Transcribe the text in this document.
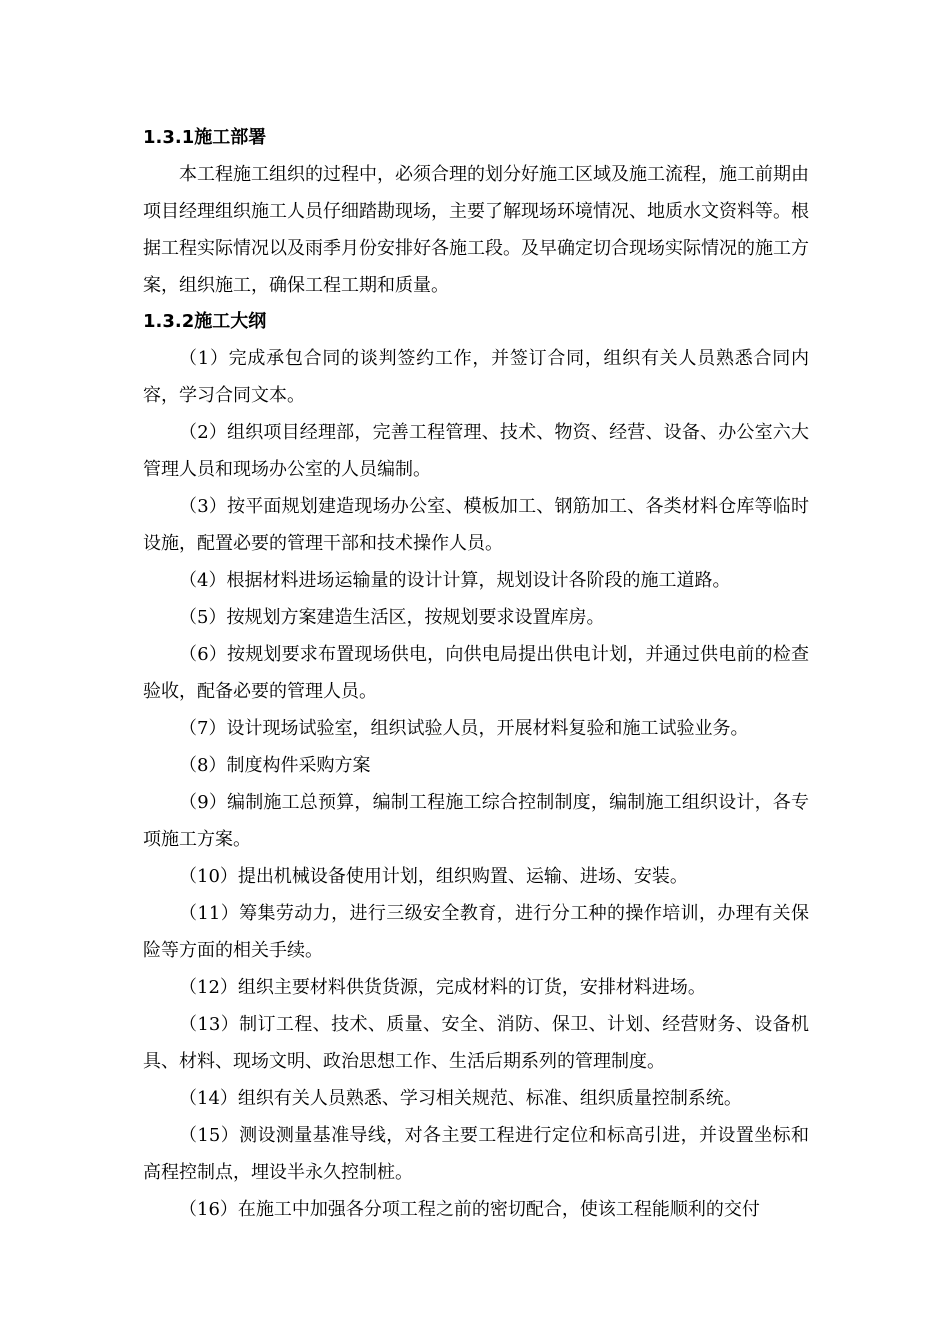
1.3.1施工部署

本工程施工组织的过程中，必须合理的划分好施工区域及施工流程，施工前期由项目经理组织施工人员仔细踏勘现场，主要了解现场环境情况、地质水文资料等。根据工程实际情况以及雨季月份安排好各施工段。及早确定切合现场实际情况的施工方案，组织施工，确保工程工期和质量。

1.3.2施工大纲

（1）完成承包合同的谈判签约工作，并签订合同，组织有关人员熟悉合同内容，学习合同文本。

（2）组织项目经理部，完善工程管理、技术、物资、经营、设备、办公室六大管理人员和现场办公室的人员编制。

（3）按平面规划建造现场办公室、模板加工、钢筋加工、各类材料仓库等临时设施，配置必要的管理干部和技术操作人员。

（4）根据材料进场运输量的设计计算，规划设计各阶段的施工道路。

（5）按规划方案建造生活区，按规划要求设置库房。

（6）按规划要求布置现场供电，向供电局提出供电计划，并通过供电前的检查验收，配备必要的管理人员。

（7）设计现场试验室，组织试验人员，开展材料复验和施工试验业务。

（8）制度构件采购方案

（9）编制施工总预算，编制工程施工综合控制制度，编制施工组织设计，各专项施工方案。

（10）提出机械设备使用计划，组织购置、运输、进场、安装。

（11）筹集劳动力，进行三级安全教育，进行分工种的操作培训，办理有关保险等方面的相关手续。

（12）组织主要材料供货货源，完成材料的订货，安排材料进场。

（13）制订工程、技术、质量、安全、消防、保卫、计划、经营财务、设备机具、材料、现场文明、政治思想工作、生活后期系列的管理制度。

（14）组织有关人员熟悉、学习相关规范、标准、组织质量控制系统。

（15）测设测量基准导线，对各主要工程进行定位和标高引进，并设置坐标和高程控制点，埋设半永久控制桩。

（16）在施工中加强各分项工程之前的密切配合，使该工程能顺利的交付
